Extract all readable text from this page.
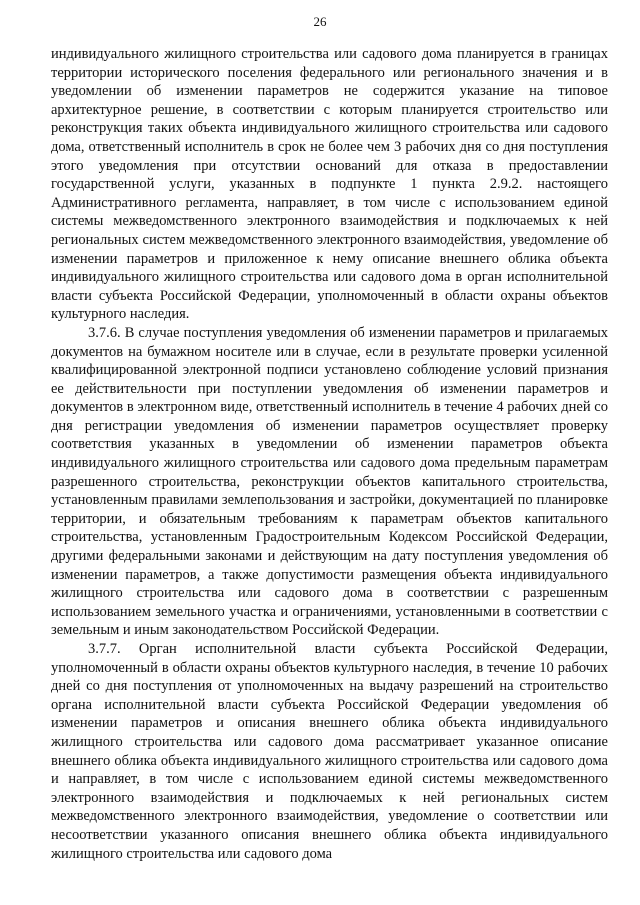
26

индивидуального жилищного строительства или садового дома планируется в границах территории исторического поселения федерального или регионального значения и в уведомлении об изменении параметров не содержится указание на типовое архитектурное решение, в соответствии с которым планируется строительство или реконструкция таких объекта индивидуального жилищного строительства или садового дома, ответственный исполнитель в срок не более чем 3 рабочих дня со дня поступления этого уведомления при отсутствии оснований для отказа в предоставлении государственной услуги, указанных в подпункте 1 пункта 2.9.2. настоящего Административного регламента, направляет, в том числе с использованием единой системы межведомственного электронного взаимодействия и подключаемых к ней региональных систем межведомственного электронного взаимодействия, уведомление об изменении параметров и приложенное к нему описание внешнего облика объекта индивидуального жилищного строительства или садового дома в орган исполнительной власти субъекта Российской Федерации, уполномоченный в области охраны объектов культурного наследия.

3.7.6. В случае поступления уведомления об изменении параметров и прилагаемых документов на бумажном носителе или в случае, если в результате проверки усиленной квалифицированной электронной подписи установлено соблюдение условий признания ее действительности при поступлении уведомления об изменении параметров и документов в электронном виде, ответственный исполнитель в течение 4 рабочих дней со дня регистрации уведомления об изменении параметров осуществляет проверку соответствия указанных в уведомлении об изменении параметров объекта индивидуального жилищного строительства или садового дома предельным параметрам разрешенного строительства, реконструкции объектов капитального строительства, установленным правилами землепользования и застройки, документацией по планировке территории, и обязательным требованиям к параметрам объектов капитального строительства, установленным Градостроительным Кодексом Российской Федерации, другими федеральными законами и действующим на дату поступления уведомления об изменении параметров, а также допустимости размещения объекта индивидуального жилищного строительства или садового дома в соответствии с разрешенным использованием земельного участка и ограничениями, установленными в соответствии с земельным и иным законодательством Российской Федерации.

3.7.7. Орган исполнительной власти субъекта Российской Федерации, уполномоченный в области охраны объектов культурного наследия, в течение 10 рабочих дней со дня поступления от уполномоченных на выдачу разрешений на строительство органа исполнительной власти субъекта Российской Федерации уведомления об изменении параметров и описания внешнего облика объекта индивидуального жилищного строительства или садового дома рассматривает указанное описание внешнего облика объекта индивидуального жилищного строительства или садового дома и направляет, в том числе с использованием единой системы межведомственного электронного взаимодействия и подключаемых к ней региональных систем межведомственного электронного взаимодействия, уведомление о соответствии или несоответствии указанного описания внешнего облика объекта индивидуального жилищного строительства или садового дома
